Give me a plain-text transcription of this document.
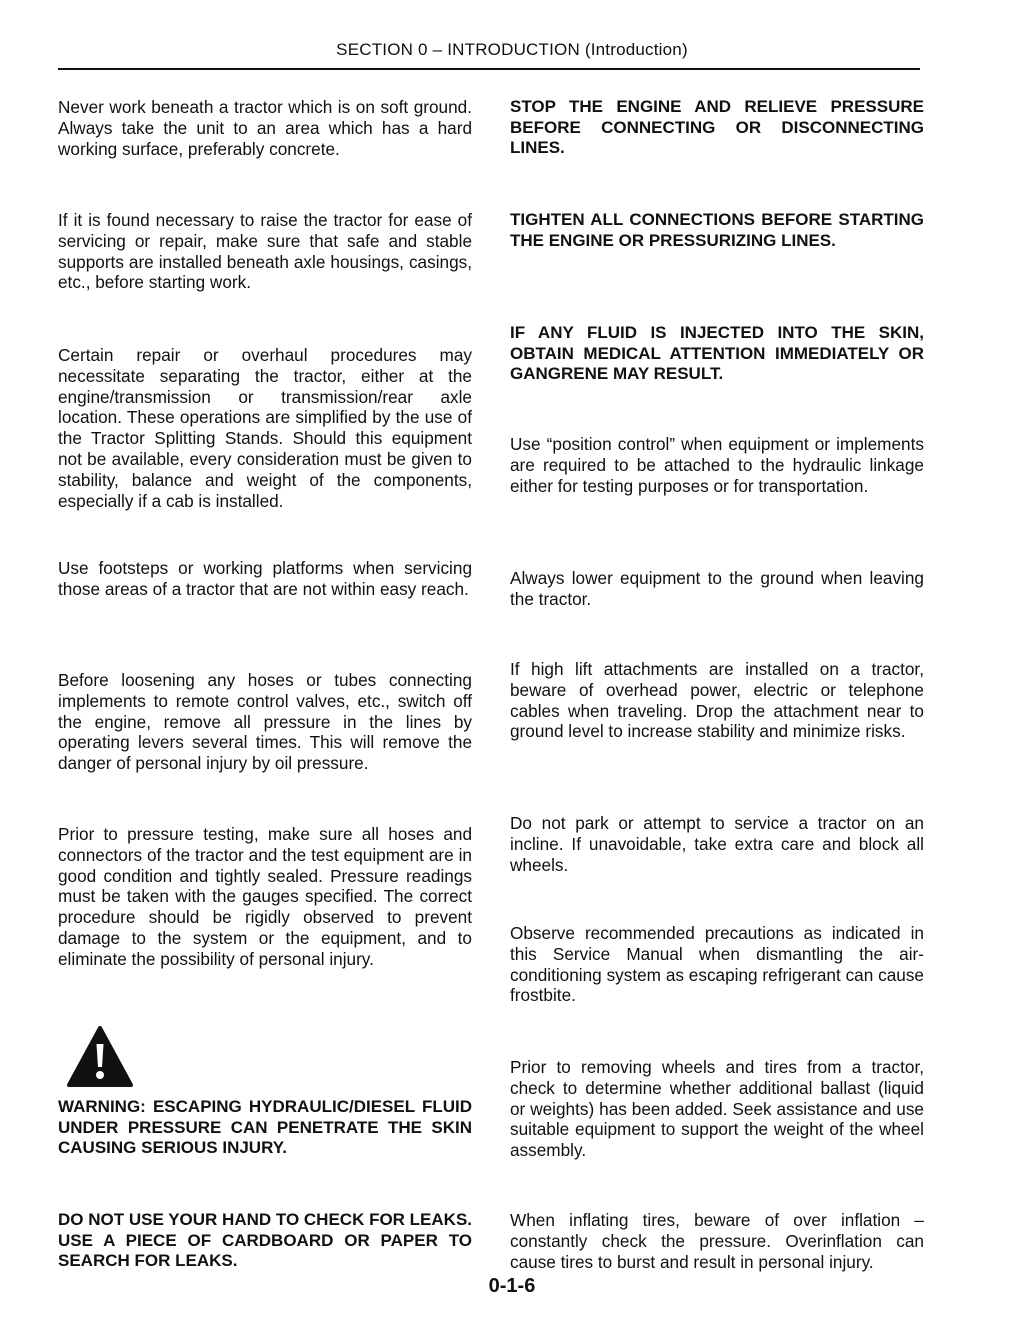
SECTION 0 – INTRODUCTION (Introduction)

Never work beneath a tractor which is on soft ground. Always take the unit to an area which has a hard working surface, preferably concrete.

If it is found necessary to raise the tractor for ease of servicing or repair, make sure that safe and stable supports are installed beneath axle housings, casings, etc., before starting work.

Certain repair or overhaul procedures may necessitate separating the tractor, either at the engine/transmission or transmission/rear axle location. These operations are simplified by the use of the Tractor Splitting Stands. Should this equipment not be available, every consideration must be given to stability, balance and weight of the components, especially if a cab is installed.

Use footsteps or working platforms when servicing those areas of a tractor that are not within easy reach.

Before loosening any hoses or tubes connecting implements to remote control valves, etc., switch off the engine, remove all pressure in the lines by operating levers several times. This will remove the danger of personal injury by oil pressure.

Prior to pressure testing, make sure all hoses and connectors of the tractor and the test equipment are in good condition and tightly sealed. Pressure readings must be taken with the gauges specified. The correct procedure should be rigidly observed to prevent damage to the system or the equipment, and to eliminate the possibility of personal injury.

WARNING: ESCAPING HYDRAULIC/DIESEL FLUID UNDER PRESSURE CAN PENETRATE THE SKIN CAUSING SERIOUS INJURY.

DO NOT USE YOUR HAND TO CHECK FOR LEAKS. USE A PIECE OF CARDBOARD OR PAPER TO SEARCH FOR LEAKS.

STOP THE ENGINE AND RELIEVE PRESSURE BEFORE CONNECTING OR DISCONNECTING LINES.

TIGHTEN ALL CONNECTIONS BEFORE STARTING THE ENGINE OR PRESSURIZING LINES.

IF ANY FLUID IS INJECTED INTO THE SKIN, OBTAIN MEDICAL ATTENTION IMMEDIATELY OR GANGRENE MAY RESULT.

Use “position control” when equipment or implements are required to be attached to the hydraulic linkage either for testing purposes or for transportation.

Always lower equipment to the ground when leaving the tractor.

If high lift attachments are installed on a tractor, beware of overhead power, electric or telephone cables when traveling. Drop the attachment near to ground level to increase stability and minimize risks.

Do not park or attempt to service a tractor on an incline. If unavoidable, take extra care and block all wheels.

Observe recommended precautions as indicated in this Service Manual when dismantling the air-conditioning system as escaping refrigerant can cause frostbite.

Prior to removing wheels and tires from a tractor, check to determine whether additional ballast (liquid or weights) has been added. Seek assistance and use suitable equipment to support the weight of the wheel assembly.

When inflating tires, beware of over inflation – constantly check the pressure. Overinflation can cause tires to burst and result in personal injury.

0-1-6
